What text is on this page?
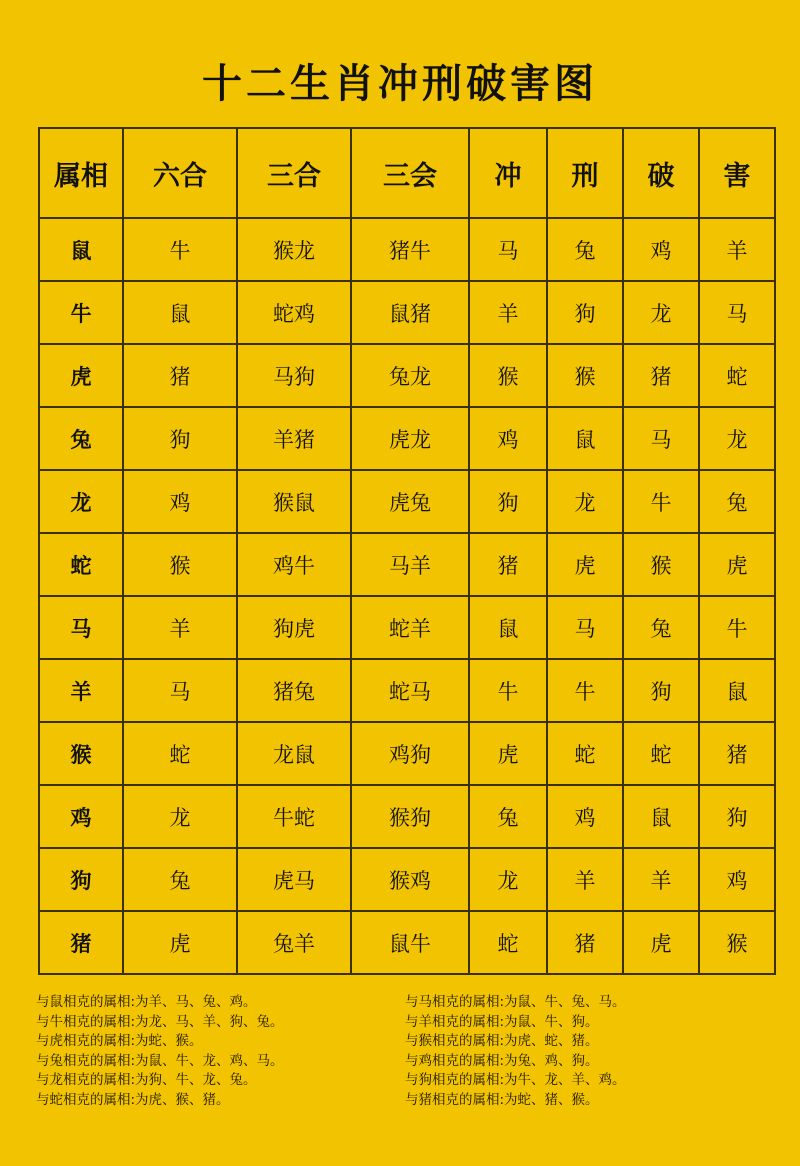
十二生肖冲刑破害图
属相	六合	三合	三会	冲	刑	破	害
鼠	牛	猴龙	猪牛	马	兔	鸡	羊
牛	鼠	蛇鸡	鼠猪	羊	狗	龙	马
虎	猪	马狗	兔龙	猴	猴	猪	蛇
兔	狗	羊猪	虎龙	鸡	鼠	马	龙
龙	鸡	猴鼠	虎兔	狗	龙	牛	兔
蛇	猴	鸡牛	马羊	猪	虎	猴	虎
马	羊	狗虎	蛇羊	鼠	马	兔	牛
羊	马	猪兔	蛇马	牛	牛	狗	鼠
猴	蛇	龙鼠	鸡狗	虎	蛇	蛇	猪
鸡	龙	牛蛇	猴狗	兔	鸡	鼠	狗
狗	兔	虎马	猴鸡	龙	羊	羊	鸡
猪	虎	兔羊	鼠牛	蛇	猪	虎	猴
与鼠相克的属相:为羊、马、兔、鸡。
与牛相克的属相:为龙、马、羊、狗、兔。
与虎相克的属相:为蛇、猴。
与兔相克的属相:为鼠、牛、龙、鸡、马。
与龙相克的属相:为狗、牛、龙、兔。
与蛇相克的属相:为虎、猴、猪。
与马相克的属相:为鼠、牛、兔、马。
与羊相克的属相:为鼠、牛、狗。
与猴相克的属相:为虎、蛇、猪。
与鸡相克的属相:为兔、鸡、狗。
与狗相克的属相:为牛、龙、羊、鸡。
与猪相克的属相:为蛇、猪、猴。
